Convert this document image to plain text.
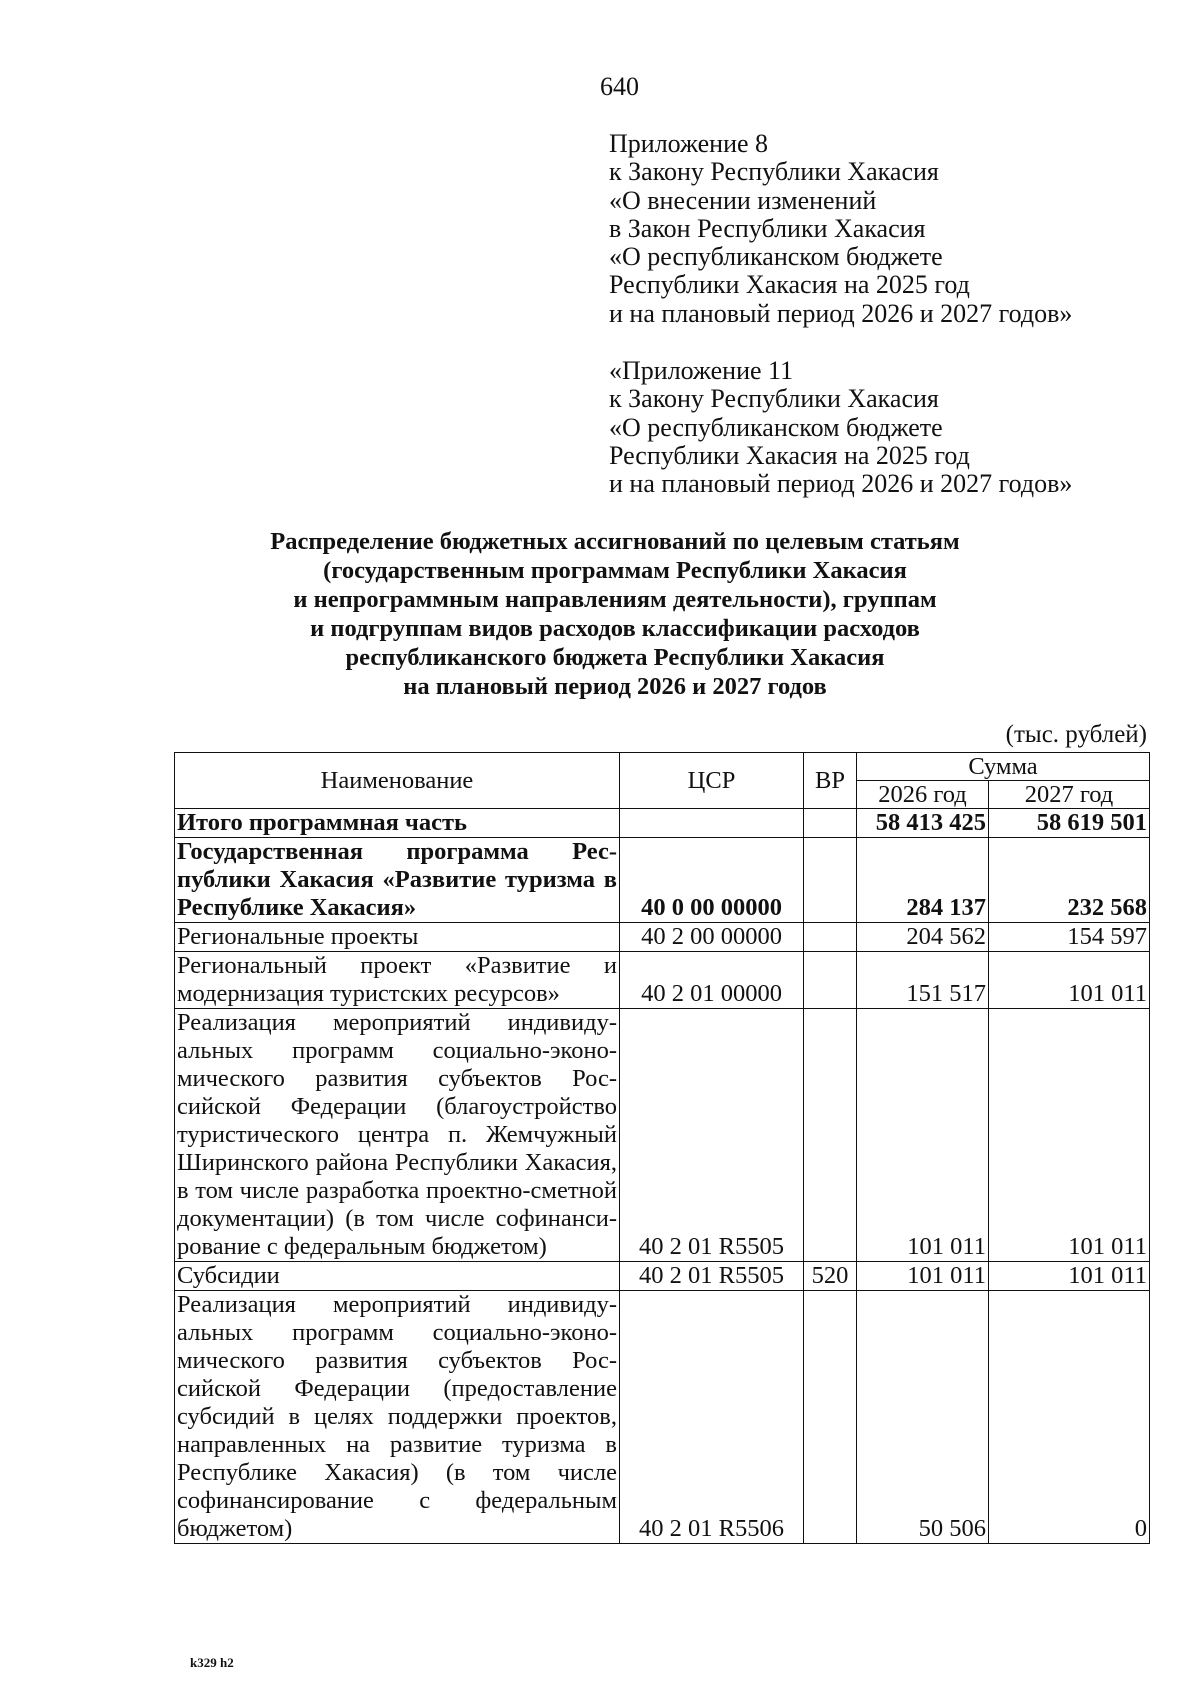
640
Приложение 8
к Закону Республики Хакасия
«О внесении изменений
в Закон Республики Хакасия
«О республиканском бюджете
Республики Хакасия на 2025 год
и на плановый период 2026 и 2027 годов»
«Приложение 11
к Закону Республики Хакасия
«О республиканском бюджете
Республики Хакасия на 2025 год
и на плановый период 2026 и 2027 годов»
Распределение бюджетных ассигнований по целевым статьям
(государственным программам Республики Хакасия
и непрограммным направлениям деятельности), группам
и подгруппам видов расходов классификации расходов
республиканского бюджета Республики Хакасия
на плановый период 2026 и 2027 годов
(тыс. рублей)
Наименование	ЦСР	ВР	Сумма	
			2026 год	2027 год
Итого программная часть			58 413 425	58 619 501
Государственная программа Республики Хакасия «Развитие туризма в Республике Хакасия»	40 0 00 00000		284 137	232 568
Региональные проекты	40 2 00 00000		204 562	154 597
Региональный проект «Развитие и модернизация туристских ресурсов»	40 2 01 00000		151 517	101 011
Реализация мероприятий индивидуальных программ социально-экономического развития субъектов Российской Федерации (благоустройство туристического центра п. Жемчужный Ширинского района Республики Хакасия, в том числе разработка проектно-сметной документации) (в том числе софинансирование с федеральным бюджетом)	40 2 01 R5505		101 011	101 011
Субсидии	40 2 01 R5505	520	101 011	101 011
Реализация мероприятий индивидуальных программ социально-экономического развития субъектов Российской Федерации (предоставление субсидий в целях поддержки проектов, направленных на развитие туризма в Республике Хакасия) (в том числе софинансирование с федеральным бюджетом)	40 2 01 R5506		50 506	0
k329 h2
